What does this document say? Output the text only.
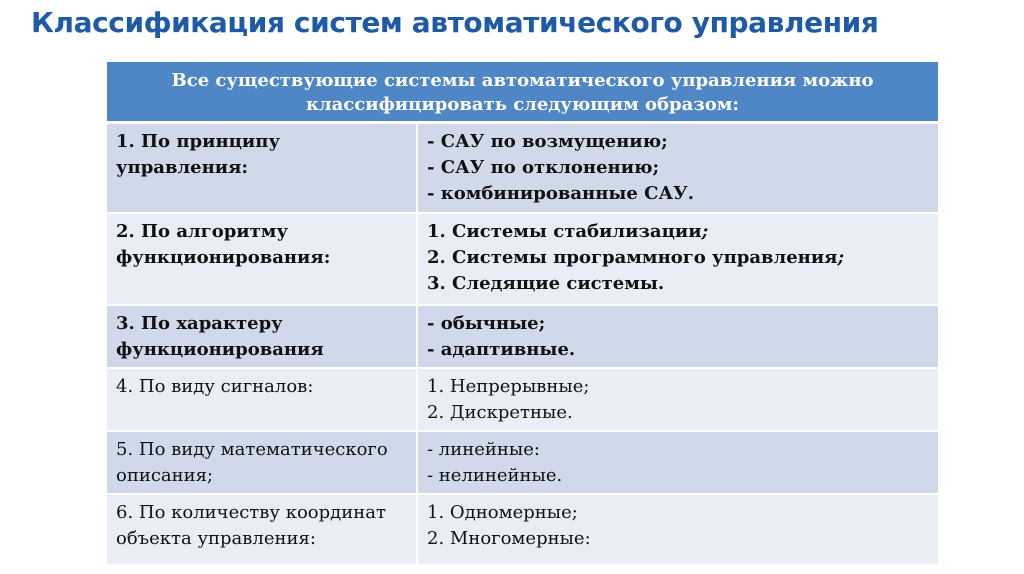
Классификация систем автоматического управления
Все существующие системы автоматического управления можно классифицировать следующим образом:	
1. По принципу управления:	- САУ по возмущению;
- САУ по отклонению;
- комбинированные САУ.

2. По алгоритму функционирования:	1. Системы стабилизации;
2. Системы программного управления;
3. Следящие системы.

3. По характеру функционирования	- обычные;
- адаптивные.

4. По виду сигналов:	1. Непрерывные;
2. Дискретные.

5. По виду математического описания;	- линейные:
- нелинейные.

6. По количеству координат объекта управления:	1. Одномерные;
2. Многомерные:
